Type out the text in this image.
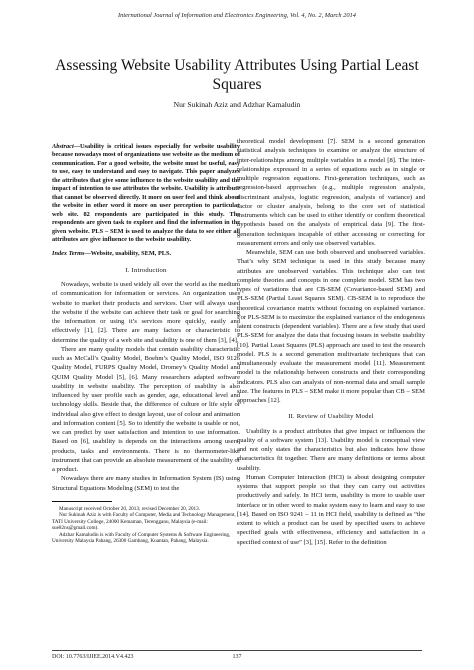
International Journal of Information and Electronics Engineering, Vol. 4, No. 2, March 2014
Assessing Website Usability Attributes Using Partial Least Squares
Nur Sukinah Aziz and Adzhar Kamaludin

Abstract—Usability is critical issues especially for website usability because nowadays most of organizations use website as the medium of communication. For a good website, the website must be useful, easy to use, easy to understand and easy to navigate. This paper analyzes the attributes that give some influence to the website usability and the impact of intention to use attributes the website. Usability is attribute that cannot be observed directly. It more on user feel and think about the website in other word it more on user perception to particular web site. 82 respondents are participated in this study. The respondents are given task to explore and find the information in the given website. PLS – SEM is used to analyze the data to see either all attributes are give influence to the website usability.

Index Terms—Website, usability, SEM, PLS.

I. Introduction

Nowadays, website is used widely all over the world as the medium of communication for information or services. An organization uses website to market their products and services. User will always used the website if the website can achieve their task or goal for searching the information or using it’s services more quickly, easily and effectively [1], [2]. There are many factors or characteristic to determine the quality of a web site and usability is one of them [3], [4].

There are many quality models that contain usability characteristic such as McCall’s Quality Model, Boehm’s Quality Model, ISO 9126 Quality Model, FURPS Quality Model, Dromey’s Quality Model and QUIM Quality Model [5], [6]. Many researchers adapted software usability in website usability. The perception of usability is also influenced by user profile such as gender, age, educational level and technology skills. Beside that, the difference of culture or life style of individual also give effect to design layout, use of colour and animation and information content [5]. So to identify the website is usable or not, we can predict by user satisfaction and intention to use information. Based on [6], usability is depends on the interactions among users, products, tasks and environments. There is no thermometer-like instrument that can provide an absolute measurement of the usability of a product.

Nowadays there are many studies in Information System (IS) using Structural Equations Modeling (SEM) to test the

Manuscript received October 20, 2013; revised December 20, 2013.

Nur Sukinah Aziz is with Faculty of Computer, Media and Technology Management, TATI University College, 24000 Kemaman, Terengganu, Malaysia (e-mail: sue82ns@gmail.com).

Adzhar Kamaludin is with Faculty of Computer Systems & Software Engineering, University Malaysia Pahang, 26300 Gambang, Kuantan, Pahang, Malaysia.

theoretical model development [7]. SEM is a second generation statistical analysis techniques to examine or analyze the structure of inter-relationships among multiple variables in a model [8]. The inter-relationships expressed in a series of equations such as in single or multiple regression equations. First-generation techniques, such as regression-based approaches (e.g., multiple regression analysis, discriminant analysis, logistic regression, analysis of variance) and factor or cluster analysis, belong to the core set of statistical instruments which can be used to either identify or confirm theoretical hypothesis based on the analysis of empirical data [9]. The first-generation techniques incapable of either accessing or correcting for measurement errors and only use observed variables.

Meanwhile, SEM can use both observed and unobserved variables. That’s why SEM technique is used in this study because many attributes are unobserved variables. This technique also can test complete theories and concepts in one complete model. SEM has two types of variations that are CB-SEM (Covariance-based SEM) and PLS-SEM (Partial Least Squares SEM). CB-SEM is to reproduce the theoretical covariance matrix without focusing on explained variance. For PLS-SEM is to maximize the explained variance of the endogenous latent constructs (dependent variables). There are a few study that used PLS-SEM for analyze the data that focusing issues in website usability [10]. Partial Least Squares (PLS) approach are used to test the research model. PLS is a second generation multivariate techniques that can simultaneously evaluate the measurement model [11]. Measurement model is the relationship between constructs and their corresponding indicators. PLS also can analysis of non-normal data and small sample size. The features in PLS – SEM make it more popular than CB – SEM approaches [12].

II. Review of Usability Model

Usability is a product attributes that give impact or influences the quality of a software system [13]. Usability model is conceptual view and not only states the characteristics but also indicates how those characteristics fit together. There are many definitions or terms about usability.

Human Computer Interaction (HCI) is about designing computer systems that support people so that they can carry out activities productively and safely. In HCI term, usability is more to usable user interface or in other word to make system easy to learn and easy to use [14]. Based on ISO 9241 – 11 in HCI field, usability is defined as “the extent to which a product can be used by specified users to achieve specified goals with effectiveness, efficiency and satisfaction in a specified context of use” [3], [15]. Refer to the definition

DOI: 10.7763/IJIEE.2014.V4.423	137
